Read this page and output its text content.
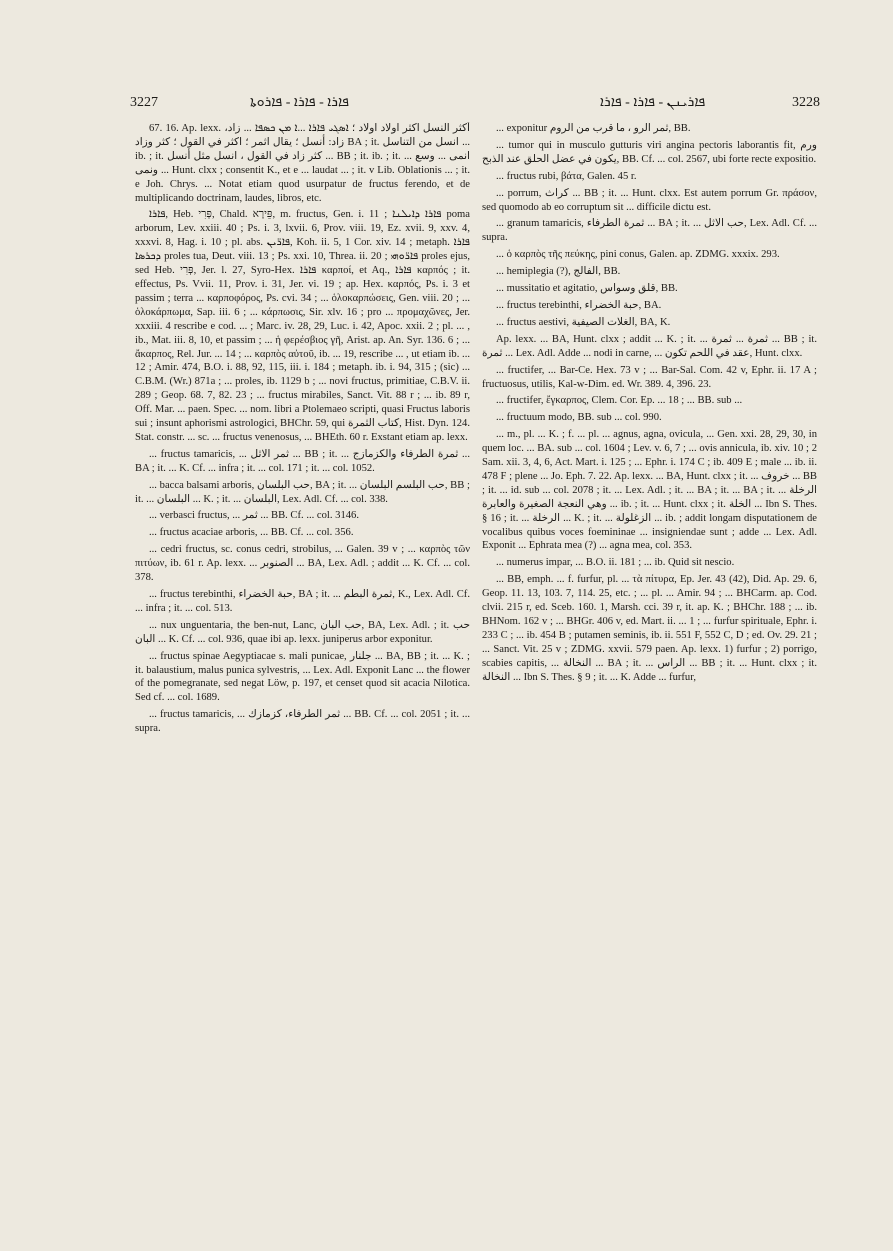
3227	ܦܐܪܐ - ܦܐܪܐ - ܦܐܪܘܬܐ	ܦܐܪܝܢܢ - ܦܐܪܐ - ܦܐܪܐ	3228

67. 16. Ap. lexx. أكثر النسل اكثر اولاد اولاد ؛ ܐܣܓܝ ܦܐܪܐ ...ܐ ܡܢ ܟܣܦܐ ... زاد، زاد: أنسل ؛ يقال اثمر ؛ اكثر في القول ؛ كثر وزاد BA ; it. انسل من التناسل ... ib. ; it. كثر زاد في القول ، انسل مثل أنسل ... BB ; it. ib. ; it. انمى ... وسع ... ونمى ... Hunt. clxx ; consentit K., et e ... laudat ... ; it. v Lib. Oblationis ... ; it. e Joh. Chrys. ... Notat etiam quod usurpatur de fructus ferendo, et de multiplicando doctrinam, laudes, libros, etc.

ܦܐܪܐ, Heb. פְּרִי, Chald. פֵּירָא, m. fructus, Gen. i. 11 ; ܦܐܪܐ ܕܐܝܠܢܐ poma arborum, Lev. xxiii. 40 ; Ps. i. 3, lxvii. 6, Prov. viii. 19, Ez. xvii. 9, xxv. 4, xxxvi. 8, Hag. i. 10 ; pl. abs. ܦܐܪ̈ܝܢ, Koh. ii. 5, 1 Cor. xiv. 14 ; metaph. ܦܐܪܐ ܕܟܪܣܐ proles tua, Deut. viii. 13 ; Ps. xxi. 10, Threa. ii. 20 ; ܦܐܪ̈ܘܗܝ proles ejus, sed Heb. פְּרִי, Jer. l. 27, Syro-Hex. ܦܐܪܐ καρποί, et Aq., ܦܐܪܐ καρπός ; it. effectus, Ps. Vvii. 11, Prov. i. 31, Jer. vi. 19 ; ap. Hex. καρπός, Ps. i. 3 et passim ; terra ... καρποφόρος, Ps. cvi. 34 ; ... ὁλοκαρπώσεις, Gen. viii. 20 ; ... ὁλοκάρπωμα, Sap. iii. 6 ; ... κάρπωσις, Sir. xlv. 16 ; pro ... προμαχῶνες, Jer. xxxiii. 4 rescribe e cod. ... ; Marc. iv. 28, 29, Luc. i. 42, Apoc. xxii. 2 ; pl. ... , ib., Mat. iii. 8, 10, et passim ; ... ἡ φερέσβιος γῆ, Arist. ap. An. Syr. 136. 6 ; ... ἄκαρπος, Rel. Jur. ... 14 ; ... καρπὸς αὐτοῦ, ib. ... 19, rescribe ... , ut etiam ib. ... 12 ; Amir. 474, B.O. i. 88, 92, 115, iii. i. 184 ; metaph. ib. i. 94, 315 ; (sic) ... C.B.M. (Wr.) 871a ; ... proles, ib. 1129 b ; ... novi fructus, primitiae, C.B.V. ii. 289 ; Geop. 68. 7, 82. 23 ; ... fructus mirabiles, Sanct. Vit. 88 r ; ... ib. 89 r, Off. Mar. ... paen. Spec. ... nom. libri a Ptolemaeo scripti, quasi Fructus laboris sui ; insunt aphorismi astrologici, BHChr. 59, qui كتاب الثمرة, Hist. Dyn. 124. Stat. constr. ... sc. ... fructus venenosus, ... BHEth. 60 r. Exstant etiam ap. lexx.

... fructus tamaricis, ... ثمر الاثل ... BB ; it. ... ثمرة الطرفاء والكزمازج ... BA ; it. ... K. Cf. ... infra ; it. ... col. 171 ; it. ... col. 1052.

... bacca balsami arboris, حب البلسان, BA ; it. ... حب البلسم البلسان, BB ; it. ... البلسان ... K. ; it. ... البلسان, Lex. Adl. Cf. ... col. 338.

... verbasci fructus, ... ثمر ... BB. Cf. ... col. 3146.

... fructus acaciae arboris, ... BB. Cf. ... col. 356.

... cedri fructus, sc. conus cedri, strobilus, ... Galen. 39 v ; ... καρπὸς τῶν πιτύων, ib. 61 r. Ap. lexx. ... الصنوبر ... BA, Lex. Adl. ; addit ... K. Cf. ... col. 378.

... fructus terebinthi, حبة الخضراء, BA ; it. ... ثمرة البطم, K., Lex. Adl. Cf. ... infra ; it. ... col. 513.

... nux unguentaria, the ben-nut, Lanc, حب البان, BA, Lex. Adl. ; it. حب البان ... K. Cf. ... col. 936, quae ibi ap. lexx. juniperus arbor exponitur.

... fructus spinae Aegyptiacae s. mali punicae, جلنار ... BA, BB ; it. ... K. ; it. balaustium, malus punica sylvestris, ... Lex. Adl. Exponit Lanc ... the flower of the pomegranate, sed negat Löw, p. 197, et censet quod sit acacia Nilotica. Sed cf. ... col. 1689.

... fructus tamaricis, ... ثمر الطرفاء، كزمازك ... BB. Cf. ... col. 2051 ; it. ... supra.

... exponitur ثمر الرو ، ما قرب من الروم, BB.

... tumor qui in musculo gutturis viri angina pectoris laborantis fit, ورم يكون في عضل الحلق عند الذبح, BB. Cf. ... col. 2567, ubi forte recte expositio.

... fructus rubi, βάτα, Galen. 45 r.

... porrum, كراث ... BB ; it. ... Hunt. clxx. Est autem porrum Gr. πράσον, sed quomodo ab eo corruptum sit ... difficile dictu est.

... granum tamaricis, ثمرة الطرفاء ... BA ; it. ... حب الاثل, Lex. Adl. Cf. ... supra.

... ὁ καρπὸς τῆς πεύκης, pini conus, Galen. ap. ZDMG. xxxix. 293.

... hemiplegia (?), الفالج, BB.

... mussitatio et agitatio, قلق وسواس, BB.

... fructus terebinthi, حبة الخضراء, BA.

... fructus aestivi, الغلات الصيفية, BA, K.

Ap. lexx. ... BA, Hunt. clxx ; addit ... K. ; it. ... ثمرة ... ثمرة ... BB ; it. ثمرة ... Lex. Adl. Adde ... nodi in carne, ... عقد في اللحم تكون, Hunt. clxx.

... fructifer, ... Bar-Ce. Hex. 73 v ; ... Bar-Sal. Com. 42 v, Ephr. ii. 17 A ; fructuosus, utilis, Kal-w-Dim. ed. Wr. 389. 4, 396. 23.

... fructifer, ἔγκαρπος, Clem. Cor. Ep. ... 18 ; ... BB. sub ...

... fructuum modo, BB. sub ... col. 990.

... m., pl. ... K. ; f. ... pl. ... agnus, agna, ovicula, ... Gen. xxi. 28, 29, 30, in quem loc. ... BA. sub ... col. 1604 ; Lev. v. 6, 7 ; ... ovis annicula, ib. xiv. 10 ; 2 Sam. xii. 3, 4, 6, Act. Mart. i. 125 ; ... Ephr. i. 174 C ; ib. 409 E ; male ... ib. ii. 478 F ; plene ... Jo. Eph. 7. 22. Ap. lexx. ... BA, Hunt. clxx ; it. ... خروف ... BB ; it. ... id. sub ... col. 2078 ; it. ... Lex. Adl. ; it. ... BA ; it. ... BA ; it. ... الرخلة وهي النعجة الصغيرة والعابرة ... ib. ; it. ... Hunt. clxx ; it. الخلة ... Ibn S. Thes. § 16 ; it. ... الرخلة ... K. ; it. ... الزغلولة ... ib. ; addit longam disputationem de vocalibus quibus voces foemininae ... insigniendae sunt ; adde ... Lex. Adl. Exponit ... Ephrata mea (?) ... agna mea, col. 353.

... numerus impar, ... B.O. ii. 181 ; ... ib. Quid sit nescio.

... BB, emph. ... f. furfur, pl. ... τὰ πίτυρα, Ep. Jer. 43 (42), Did. Ap. 29. 6, Geop. 11. 13, 103. 7, 114. 25, etc. ; ... pl. ... Amir. 94 ; ... BHCarm. ap. Cod. clvii. 215 r, ed. Sceb. 160. 1, Marsh. cci. 39 r, it. ap. K. ; BHChr. 188 ; ... ib. BHNom. 162 v ; ... BHGr. 406 v, ed. Mart. ii. ... 1 ; ... furfur spirituale, Ephr. i. 233 C ; ... ib. 454 B ; putamen seminis, ib. ii. 551 F, 552 C, D ; ed. Ov. 29. 21 ; ... Sanct. Vit. 25 v ; ZDMG. xxvii. 579 paen. Ap. lexx. 1) furfur ; 2) porrigo, scabies capitis, ... النخالة ... BA ; it. ... الراس ... BB ; it. ... Hunt. clxx ; it. النخالة ... Ibn S. Thes. § 9 ; it. ... K. Adde ... furfur,
